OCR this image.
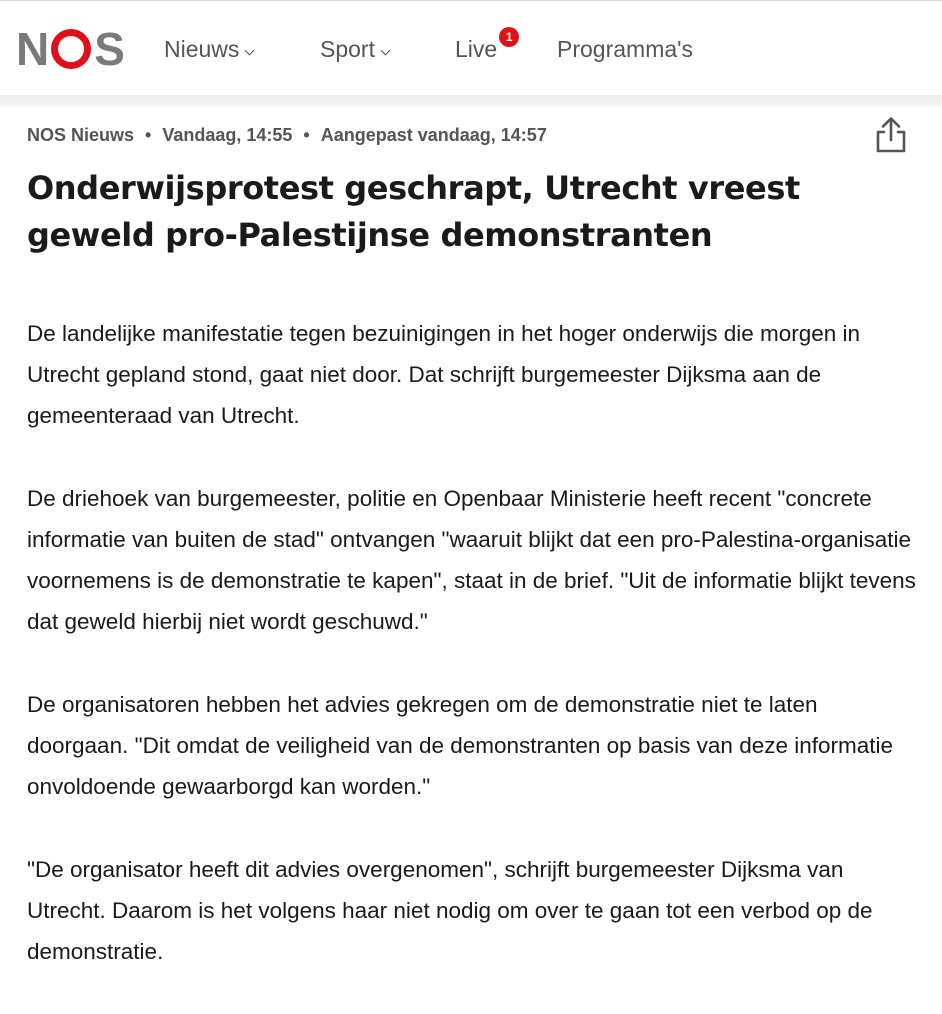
N S Nieuws	Sport	Live 1 Programma's
NOS Nieuws • Vandaag, 14:55 • Aangepast vandaag, 14:57
Onderwijsprotest geschrapt, Utrecht vreest geweld pro-Palestijnse demonstranten

De landelijke manifestatie tegen bezuinigingen in het hoger onderwijs die morgen in Utrecht gepland stond, gaat niet door. Dat schrijft burgemeester Dijksma aan de gemeenteraad van Utrecht.

De driehoek van burgemeester, politie en Openbaar Ministerie heeft recent "concrete informatie van buiten de stad" ontvangen "waaruit blijkt dat een pro-Palestina-organisatie voornemens is de demonstratie te kapen", staat in de brief. "Uit de informatie blijkt tevens dat geweld hierbij niet wordt geschuwd."

De organisatoren hebben het advies gekregen om de demonstratie niet te laten doorgaan. "Dit omdat de veiligheid van de demonstranten op basis van deze informatie onvoldoende gewaarborgd kan worden."

"De organisator heeft dit advies overgenomen", schrijft burgemeester Dijksma van Utrecht. Daarom is het volgens haar niet nodig om over te gaan tot een verbod op de demonstratie.
